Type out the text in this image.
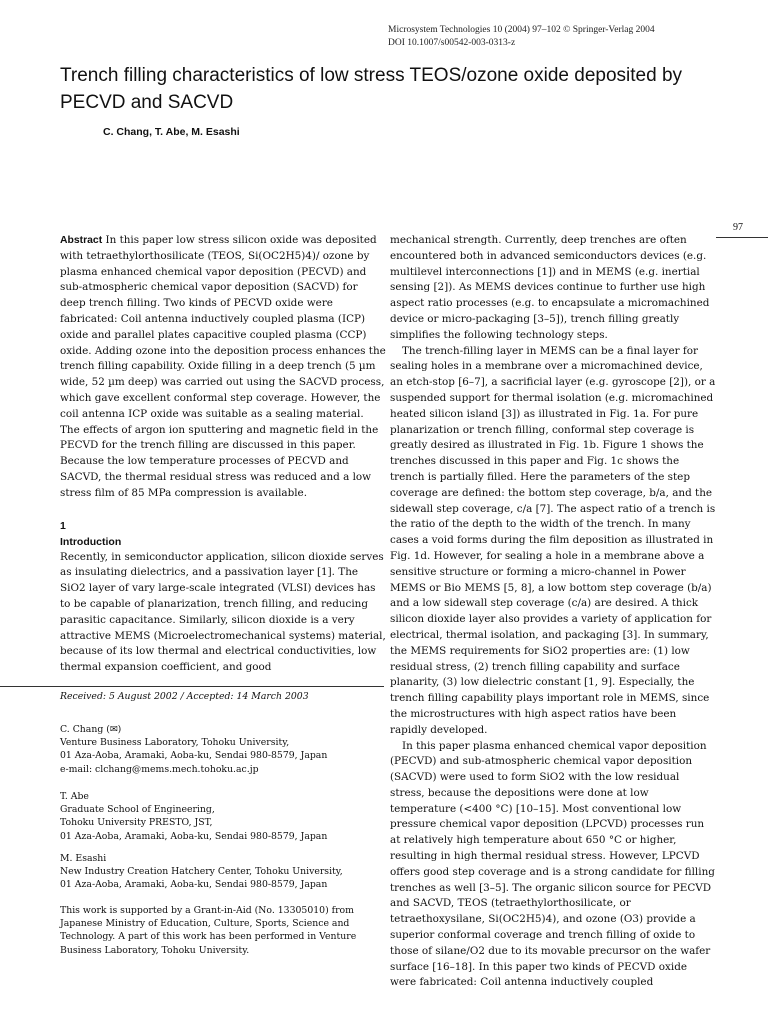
Microsystem Technologies 10 (2004) 97–102 © Springer-Verlag 2004
DOI 10.1007/s00542-003-0313-z
Trench filling characteristics of low stress TEOS/ozone oxide deposited by PECVD and SACVD
C. Chang, T. Abe, M. Esashi
97

Abstract In this paper low stress silicon oxide was deposited with tetraethylorthosilicate (TEOS, Si(OC2H5)4)/ ozone by plasma enhanced chemical vapor deposition (PECVD) and sub-atmospheric chemical vapor deposition (SACVD) for deep trench filling. Two kinds of PECVD oxide were fabricated: Coil antenna inductively coupled plasma (ICP) oxide and parallel plates capacitive coupled plasma (CCP) oxide. Adding ozone into the deposition process enhances the trench filling capability. Oxide filling in a deep trench (5 µm wide, 52 µm deep) was carried out using the SACVD process, which gave excellent conformal step coverage. However, the coil antenna ICP oxide was suitable as a sealing material. The effects of argon ion sputtering and magnetic field in the PECVD for the trench filling are discussed in this paper. Because the low temperature processes of PECVD and SACVD, the thermal residual stress was reduced and a low stress film of 85 MPa compression is available.

1
Introduction

Recently, in semiconductor application, silicon dioxide serves as insulating dielectrics, and a passivation layer [1]. The SiO2 layer of vary large-scale integrated (VLSI) devices has to be capable of planarization, trench filling, and reducing parasitic capacitance. Similarly, silicon dioxide is a very attractive MEMS (Microelectromechanical systems) material, because of its low thermal and electrical conductivities, low thermal expansion coefficient, and good

mechanical strength. Currently, deep trenches are often encountered both in advanced semiconductors devices (e.g. multilevel interconnections [1]) and in MEMS (e.g. inertial sensing [2]). As MEMS devices continue to further use high aspect ratio processes (e.g. to encapsulate a micromachined device or micro-packaging [3–5]), trench filling greatly simplifies the following technology steps.

The trench-filling layer in MEMS can be a final layer for sealing holes in a membrane over a micromachined device, an etch-stop [6–7], a sacrificial layer (e.g. gyroscope [2]), or a suspended support for thermal isolation (e.g. micromachined heated silicon island [3]) as illustrated in Fig. 1a. For pure planarization or trench filling, conformal step coverage is greatly desired as illustrated in Fig. 1b. Figure 1 shows the trenches discussed in this paper and Fig. 1c shows the trench is partially filled. Here the parameters of the step coverage are defined: the bottom step coverage, b/a, and the sidewall step coverage, c/a [7]. The aspect ratio of a trench is the ratio of the depth to the width of the trench. In many cases a void forms during the film deposition as illustrated in Fig. 1d. However, for sealing a hole in a membrane above a sensitive structure or forming a micro-channel in Power MEMS or Bio MEMS [5, 8], a low bottom step coverage (b/a) and a low sidewall step coverage (c/a) are desired. A thick silicon dioxide layer also provides a variety of application for electrical, thermal isolation, and packaging [3]. In summary, the MEMS requirements for SiO2 properties are: (1) low residual stress, (2) trench filling capability and surface planarity, (3) low dielectric constant [1, 9]. Especially, the trench filling capability plays important role in MEMS, since the microstructures with high aspect ratios have been rapidly developed.

In this paper plasma enhanced chemical vapor deposition (PECVD) and sub-atmospheric chemical vapor deposition (SACVD) were used to form SiO2 with the low residual stress, because the depositions were done at low temperature (<400 °C) [10–15]. Most conventional low pressure chemical vapor deposition (LPCVD) processes run at relatively high temperature about 650 °C or higher, resulting in high thermal residual stress. However, LPCVD offers good step coverage and is a strong candidate for filling trenches as well [3–5]. The organic silicon source for PECVD and SACVD, TEOS (tetraethylorthosilicate, or tetraethoxysilane, Si(OC2H5)4), and ozone (O3) provide a superior conformal coverage and trench filling of oxide to those of silane/O2 due to its movable precursor on the wafer surface [16–18]. In this paper two kinds of PECVD oxide were fabricated: Coil antenna inductively coupled

Received: 5 August 2002 / Accepted: 14 March 2003

C. Chang (✉)

Venture Business Laboratory, Tohoku University,

01 Aza-Aoba, Aramaki, Aoba-ku, Sendai 980-8579, Japan

e-mail: clchang@mems.mech.tohoku.ac.jp

T. Abe

Graduate School of Engineering,

Tohoku University PRESTO, JST,

01 Aza-Aoba, Aramaki, Aoba-ku, Sendai 980-8579, Japan

M. Esashi

New Industry Creation Hatchery Center, Tohoku University,

01 Aza-Aoba, Aramaki, Aoba-ku, Sendai 980-8579, Japan

This work is supported by a Grant-in-Aid (No. 13305010) from Japanese Ministry of Education, Culture, Sports, Science and Technology. A part of this work has been performed in Venture Business Laboratory, Tohoku University.
